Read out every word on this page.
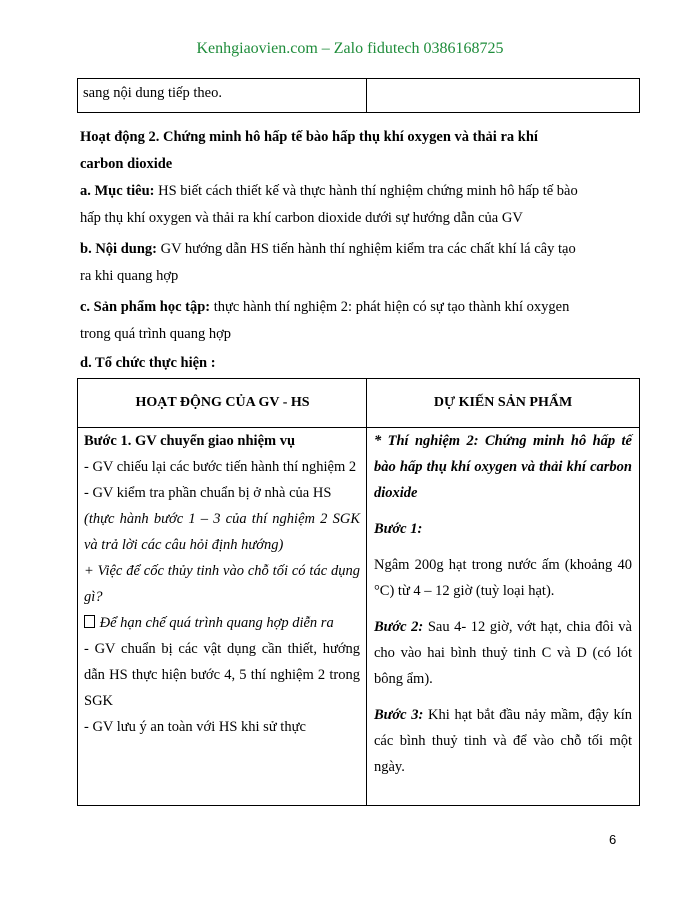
Kenhgiaovien.com – Zalo fidutech 0386168725
sang nội dung tiếp theo.
Hoạt động 2. Chứng minh hô hấp tế bào hấp thụ khí oxygen và thải ra khí
carbon dioxide
a. Mục tiêu: HS biết cách thiết kế và thực hành thí nghiệm chứng minh hô hấp tế bào
hấp thụ khí oxygen và thải ra khí carbon dioxide dưới sự hướng dẫn của GV
b. Nội dung: GV hướng dẫn HS tiến hành thí nghiệm kiểm tra các chất khí lá cây tạo
ra khi quang hợp
c. Sản phẩm học tập: thực hành thí nghiệm 2: phát hiện có sự tạo thành khí oxygen
trong quá trình quang hợp
d. Tổ chức thực hiện :
HOẠT ĐỘNG CỦA GV - HS	DỰ KIẾN SẢN PHẨM

Bước 1. GV chuyển giao nhiệm vụ

- GV chiếu lại các bước tiến hành thí nghiệm 2

- GV kiểm tra phần chuẩn bị ở nhà của HS

(thực hành bước 1 – 3 của thí nghiệm 2 SGK và trả lời các câu hỏi định hướng)

+ Việc để cốc thủy tinh vào chỗ tối có tác dụng gì?

Để hạn chế quá trình quang hợp diễn ra

- GV chuẩn bị các vật dụng cần thiết, hướng dẫn HS thực hiện bước 4, 5 thí nghiệm 2 trong SGK

- GV lưu ý an toàn với HS khi sử thực

* Thí nghiệm 2: Chứng minh hô hấp tế bào hấp thụ khí oxygen và thải khí carbon dioxide

Bước 1:

Ngâm 200g hạt trong nước ấm (khoảng 40 °C) từ 4 – 12 giờ (tuỳ loại hạt).

Bước 2: Sau 4- 12 giờ, vớt hạt, chia đôi và cho vào hai bình thuỷ tinh C và D (có lót bông ẩm).

Bước 3: Khi hạt bắt đầu nảy mầm, đậy kín các bình thuỷ tinh và để vào chỗ tối một ngày.

6
